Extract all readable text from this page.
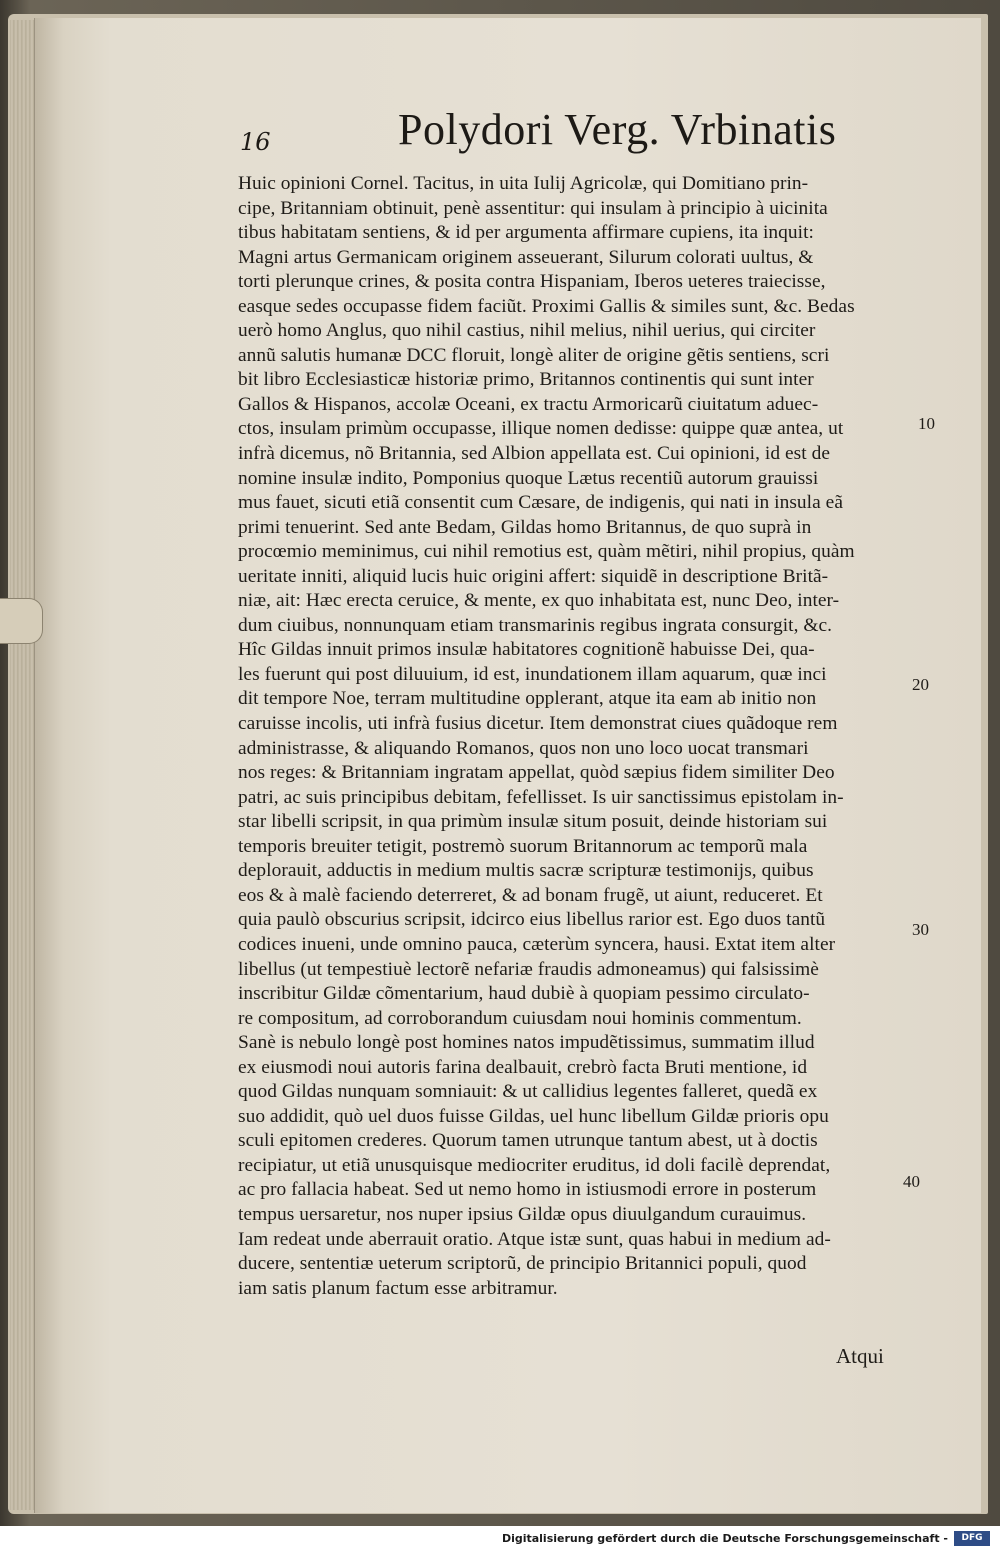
16	Polydori Verg. Vrbinatis
Huic opinioni Cornel. Tacitus, in uita Iulij Agricolæ, qui Domitiano prin-
cipe, Britanniam obtinuit, penè assentitur: qui insulam à principio à uicinita
tibus habitatam sentiens, & id per argumenta affirmare cupiens, ita inquit:
Magni artus Germanicam originem asseuerant, Silurum colorati uultus, &
torti plerunque crines, & posita contra Hispaniam, Iberos ueteres traiecisse,
easque sedes occupasse fidem faciũt. Proximi Gallis & similes sunt, &c. Bedas
uerò homo Anglus, quo nihil castius, nihil melius, nihil uerius, qui circiter
annũ salutis humanæ DCC floruit, longè aliter de origine gẽtis sentiens, scri
bit libro Ecclesiasticæ historiæ primo, Britannos continentis qui sunt inter
Gallos & Hispanos, accolæ Oceani, ex tractu Armoricarũ ciuitatum aduec-
ctos, insulam primùm occupasse, illique nomen dedisse: quippe quæ antea, ut
infrà dicemus, nõ Britannia, sed Albion appellata est. Cui opinioni, id est de
nomine insulæ indito, Pomponius quoque Lætus recentiũ autorum grauissi
mus fauet, sicuti etiã consentit cum Cæsare, de indigenis, qui nati in insula eã
primi tenuerint. Sed ante Bedam, Gildas homo Britannus, de quo suprà in
procœmio meminimus, cui nihil remotius est, quàm mẽtiri, nihil propius, quàm
ueritate inniti, aliquid lucis huic origini affert: siquidẽ in descriptione Britã-
niæ, ait: Hæc erecta ceruice, & mente, ex quo inhabitata est, nunc Deo, inter-
dum ciuibus, nonnunquam etiam transmarinis regibus ingrata consurgit, &c.
Hîc Gildas innuit primos insulæ habitatores cognitionẽ habuisse Dei, qua-
les fuerunt qui post diluuium, id est, inundationem illam aquarum, quæ inci
dit tempore Noe, terram multitudine opplerant, atque ita eam ab initio non
caruisse incolis, uti infrà fusius dicetur. Item demonstrat ciues quãdoque rem
administrasse, & aliquando Romanos, quos non uno loco uocat transmari
nos reges: & Britanniam ingratam appellat, quòd sæpius fidem similiter Deo
patri, ac suis principibus debitam, fefellisset. Is uir sanctissimus epistolam in-
star libelli scripsit, in qua primùm insulæ situm posuit, deinde historiam sui
temporis breuiter tetigit, postremò suorum Britannorum ac temporũ mala
deplorauit, adductis in medium multis sacræ scripturæ testimonijs, quibus
eos & à malè faciendo deterreret, & ad bonam frugẽ, ut aiunt, reduceret. Et
quia paulò obscurius scripsit, idcirco eius libellus rarior est. Ego duos tantũ
codices inueni, unde omnino pauca, cæterùm syncera, hausi. Extat item alter
libellus (ut tempestiuè lectorẽ nefariæ fraudis admoneamus) qui falsissimè
inscribitur Gildæ cõmentarium, haud dubiè à quopiam pessimo circulato-
re compositum, ad corroborandum cuiusdam noui hominis commentum.
Sanè is nebulo longè post homines natos impudẽtissimus, summatim illud
ex eiusmodi noui autoris farina dealbauit, crebrò facta Bruti mentione, id
quod Gildas nunquam somniauit: & ut callidius legentes falleret, quedã ex
suo addidit, quò uel duos fuisse Gildas, uel hunc libellum Gildæ prioris opu
sculi epitomen crederes. Quorum tamen utrunque tantum abest, ut à doctis
recipiatur, ut etiã unusquisque mediocriter eruditus, id doli facilè deprendat,
ac pro fallacia habeat. Sed ut nemo homo in istiusmodi errore in posterum
tempus uersaretur, nos nuper ipsius Gildæ opus diuulgandum curauimus.
Iam redeat unde aberrauit oratio. Atque istæ sunt, quas habui in medium ad-
ducere, sententiæ ueterum scriptorũ, de principio Britannici populi, quod
iam satis planum factum esse arbitramur.
10
20
30
40
Atqui
Digitalisierung gefördert durch die Deutsche Forschungsgemeinschaft -	DFG
